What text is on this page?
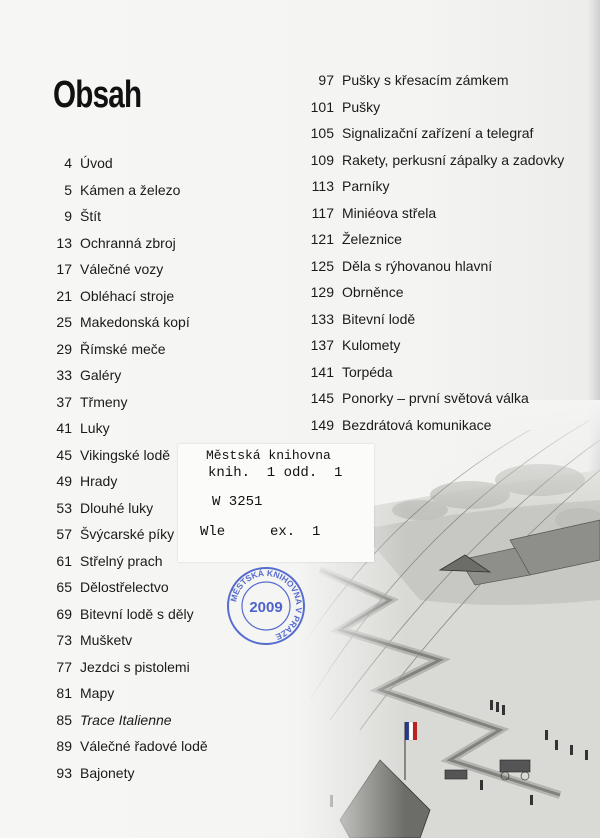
Obsah
4 Úvod
5 Kámen a železo
9 Štít
13 Ochranná zbroj
17 Válečné vozy
21 Obléhací stroje
25 Makedonská kopí
29 Římské meče
33 Galéry
37 Třmeny
41 Luky
45 Vikingské lodě
49 Hrady
53 Dlouhé luky
57 Švýcarské píky
61 Střelný prach
65 Dělostřelectvo
69 Bitevní lodě s děly
73 Mušketv
77 Jezdci s pistolemi
81 Mapy
85 Trace Italienne
89 Válečné řadové lodě
93 Bajonety
97 Pušky s křesacím zámkem
101 Pušky
105 Signalizační zařízení a telegraf
109 Rakety, perkusní zápalky a zadovky
113 Parníky
117 Miniéova střela
121 Železnice
125 Děla s rýhovanou hlavní
129 Obrněnce
133 Bitevní lodě
137 Kulomety
141 Torpéda
145 Ponorky – první světová válka
149 Bezdrátová komunikace
Městská knihovna
knih.  1 odd.  1
W 3251
Wle	ex.  1
MĚSTSKÁ KNIHOVNA V PRAZE
2009
